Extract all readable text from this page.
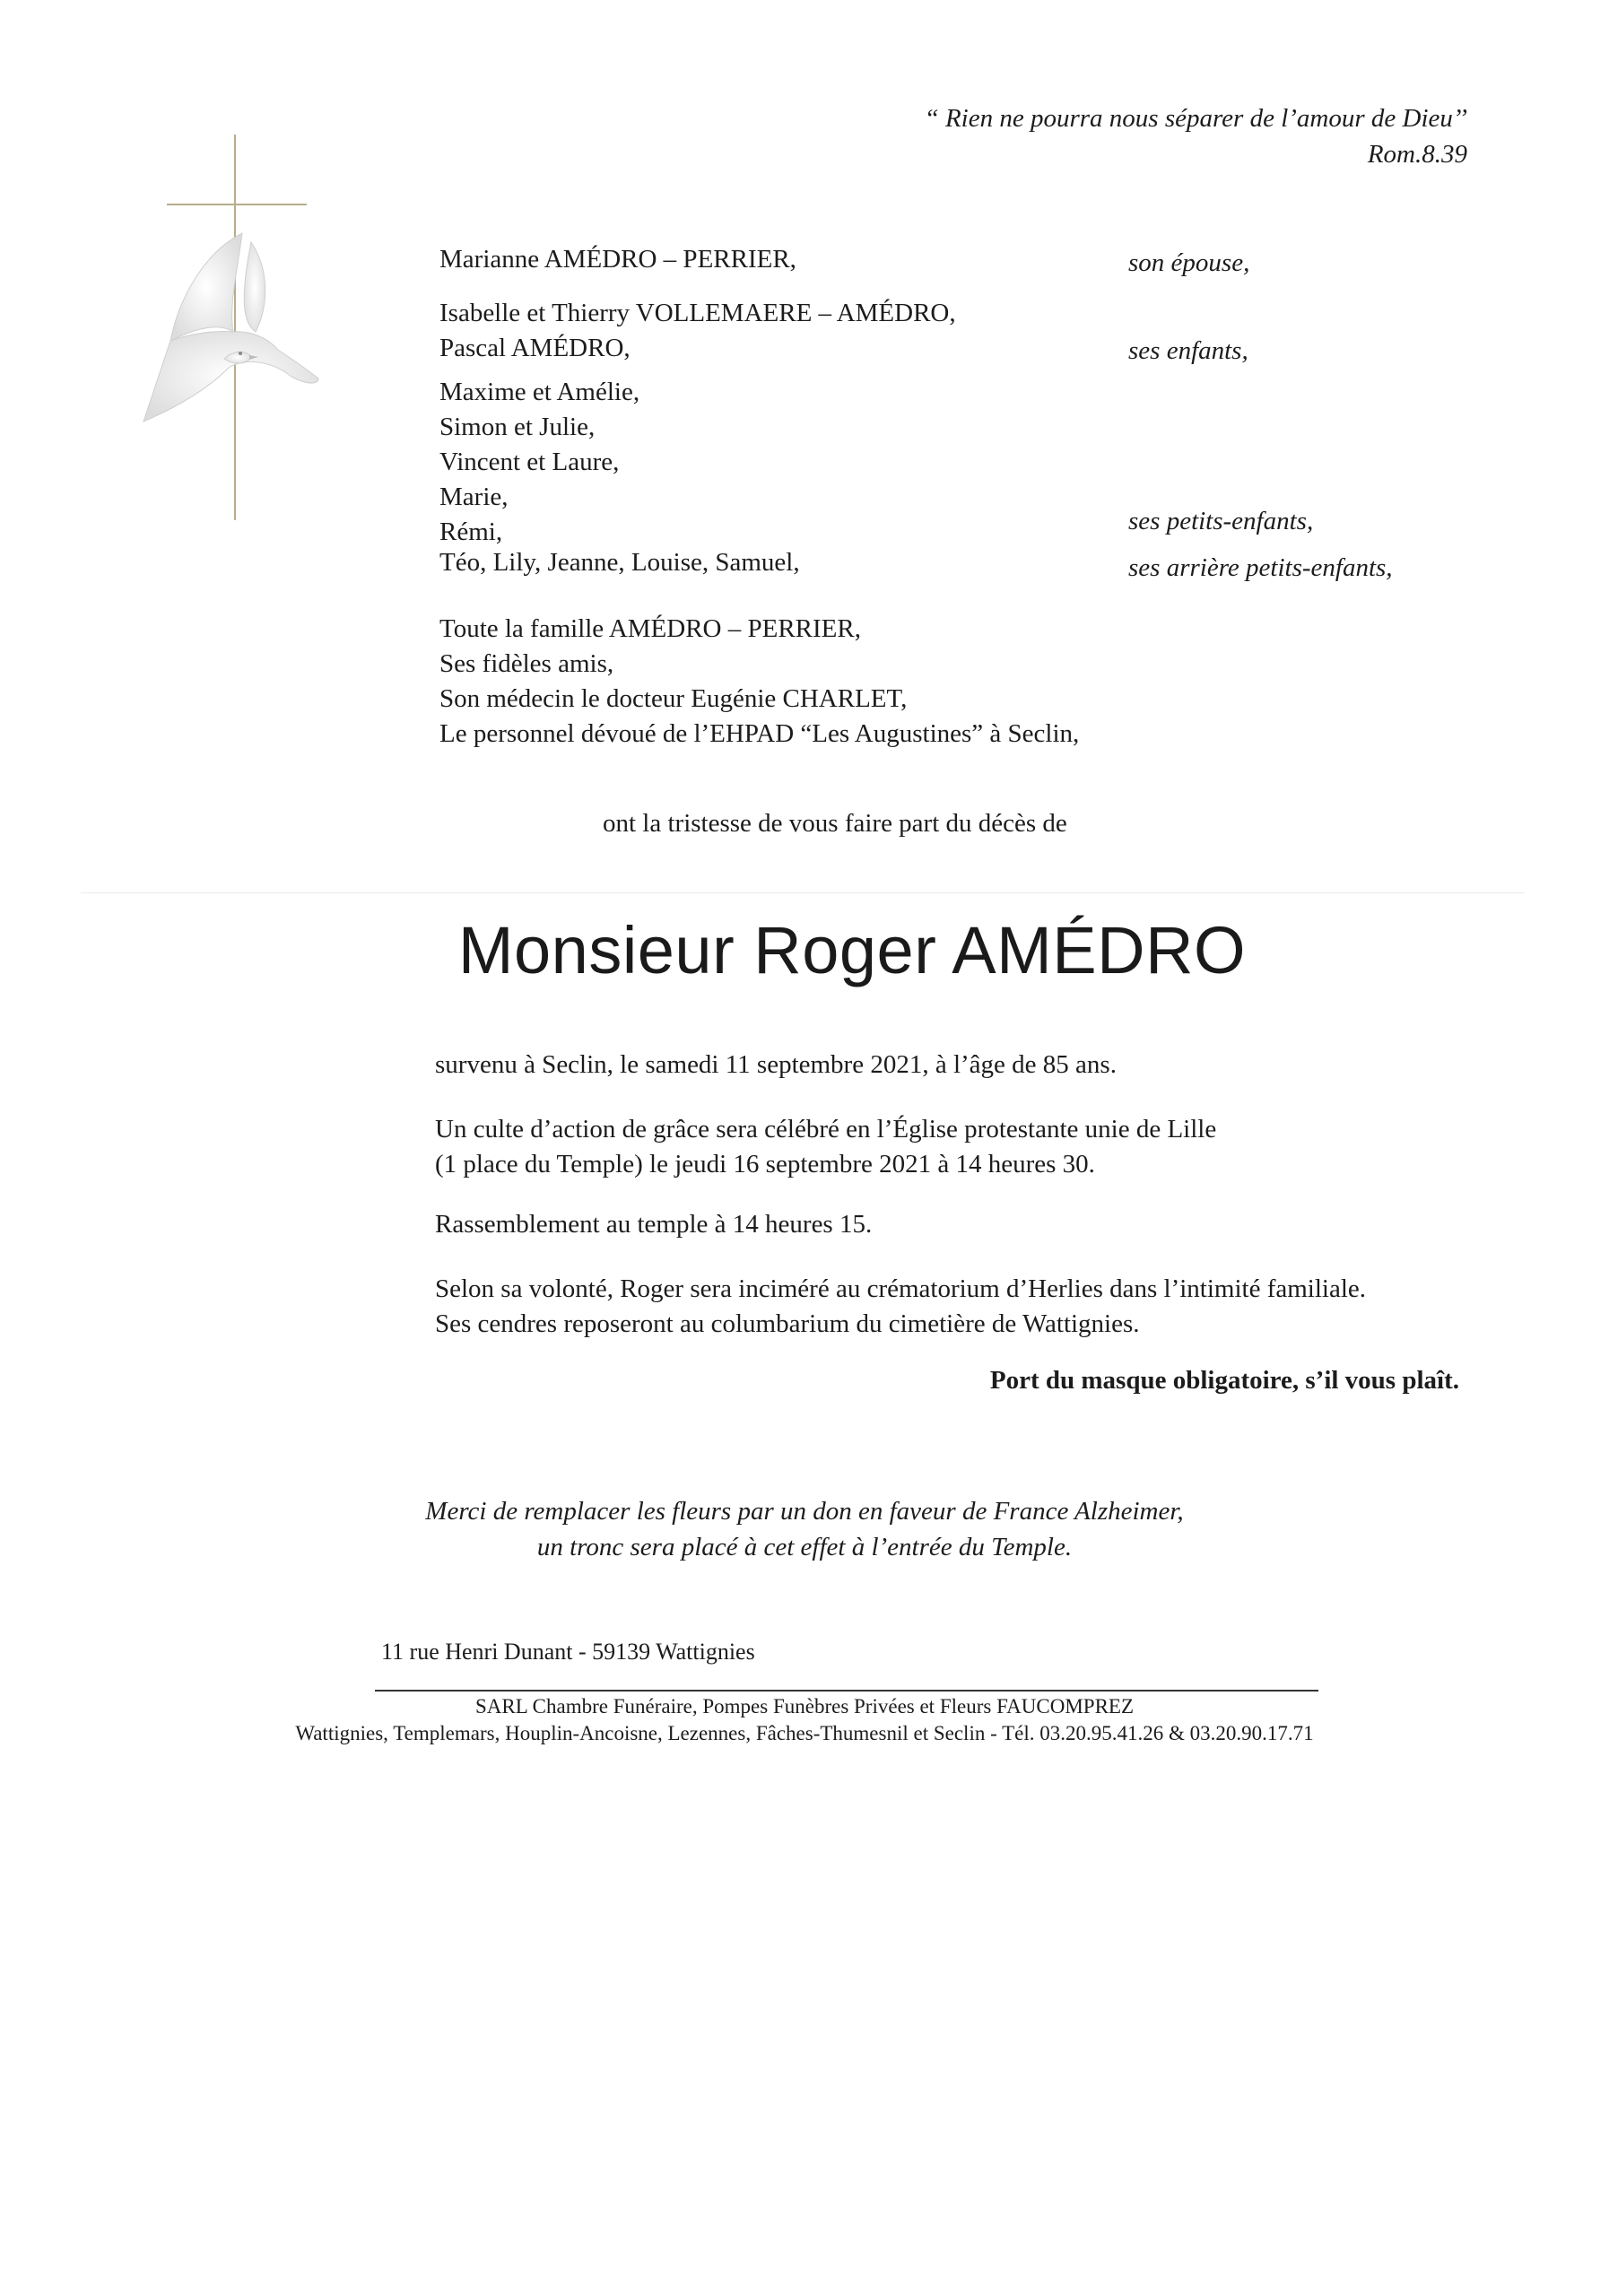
“ Rien ne pourra nous séparer de l’amour de Dieu’’
Rom.8.39
Marianne AMÉDRO – PERRIER,	son épouse,
Isabelle et Thierry VOLLEMAERE – AMÉDRO,
Pascal AMÉDRO,	ses enfants,
Maxime et Amélie,
Simon et Julie,
Vincent et Laure,
Marie,
Rémi,	ses petits-enfants,
Téo, Lily, Jeanne, Louise, Samuel,	ses arrière petits-enfants,
Toute la famille AMÉDRO – PERRIER,
Ses fidèles amis,
Son médecin le docteur Eugénie CHARLET,
Le personnel dévoué de l’EHPAD “Les Augustines” à Seclin,
ont la tristesse de vous faire part du décès de
Monsieur Roger AMÉDRO
survenu à Seclin, le samedi 11 septembre 2021, à l’âge de 85 ans.
Un culte d’action de grâce sera célébré en l’Église protestante unie de Lille
(1 place du Temple) le jeudi 16 septembre 2021 à 14 heures 30.
Rassemblement au temple à 14 heures 15.
Selon sa volonté, Roger sera inciméré au crématorium d’Herlies dans l’intimité familiale.
Ses cendres reposeront au columbarium du cimetière de Wattignies.
Port du masque obligatoire, s’il vous plaît.
Merci de remplacer les fleurs par un don en faveur de France Alzheimer,
un tronc sera placé à cet effet à l’entrée du Temple.
11 rue Henri Dunant - 59139 Wattignies
SARL Chambre Funéraire, Pompes Funèbres Privées et Fleurs FAUCOMPREZ
Wattignies, Templemars, Houplin-Ancoisne, Lezennes, Fâches-Thumesnil et Seclin - Tél. 03.20.95.41.26 & 03.20.90.17.71
